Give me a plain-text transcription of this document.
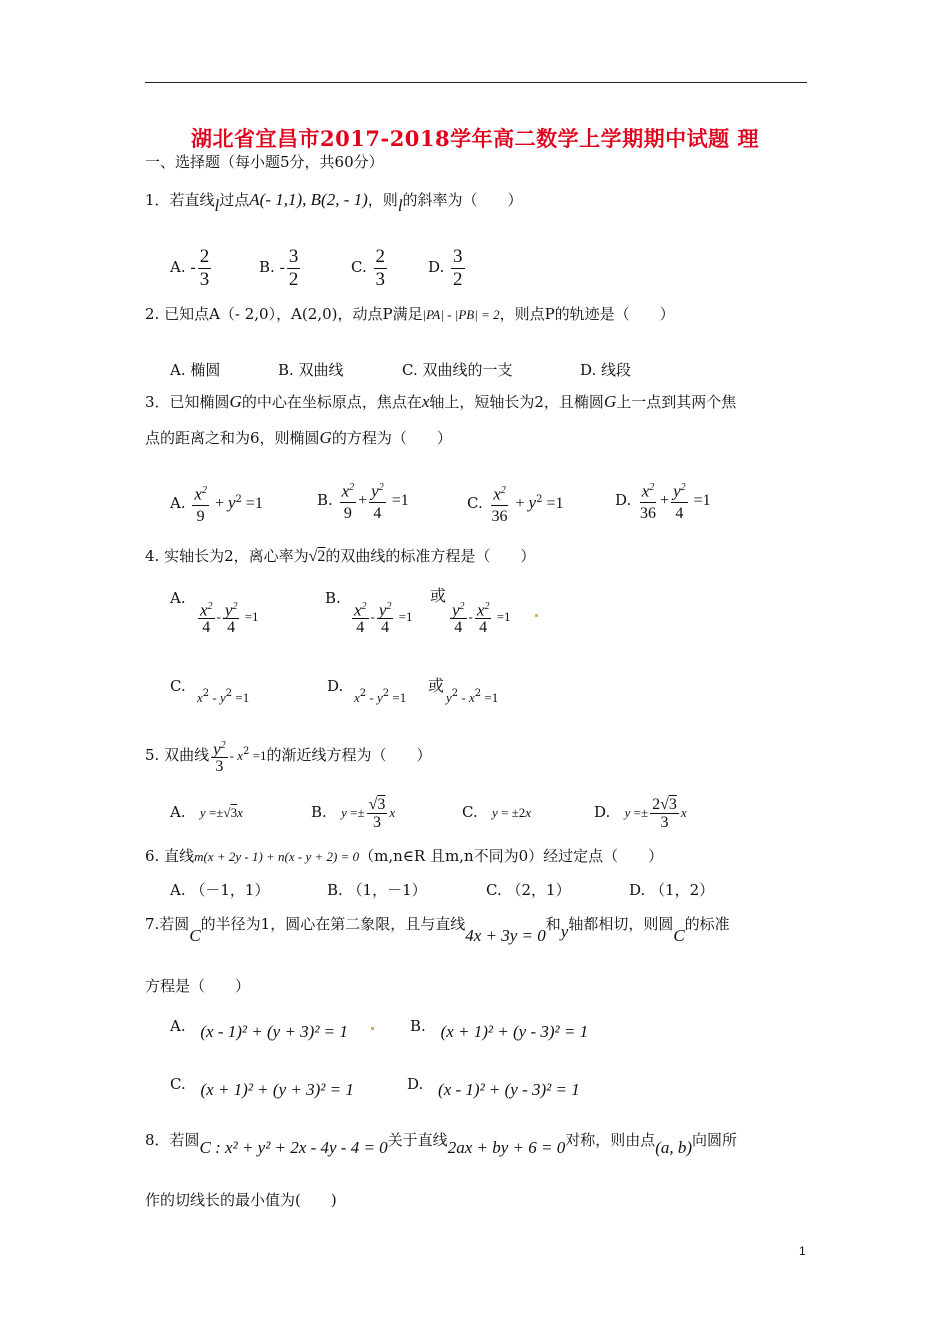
湖北省宜昌市2017-2018学年高二数学上学期期中试题 理
一、选择题（每小题5分，共60分）
1．若直线l过点A(- 1,1), B(2, - 1)，则l的斜率为（　　）
A. - $\frac{2}{3}$	B. - $\frac{3}{2}$	C. $\frac{2}{3}$	D. $\frac{3}{2}$
2. 已知点A（- 2,0），A(2,0)，动点P满足|PA| - |PB| = 2，则点P的轨迹是（　　）
A. 椭圆	B. 双曲线	C. 双曲线的一支	D. 线段
3．已知椭圆G的中心在坐标原点，焦点在x轴上，短轴长为2，且椭圆G上一点到其两个焦
点的距离之和为6，则椭圆G的方程为（　　）
A. $\frac{x^2}{9} + y^2 =1$	B. $\frac{x^2}{9} + \frac{y^2}{4} =1$	C. $\frac{x^2}{36} + y^2 =1$	D. $\frac{x^2}{36} + \frac{y^2}{4} =1$
4. 实轴长为2，离心率为√2的双曲线的标准方程是（　　）
A. $\frac{x^2}{4} - \frac{y^2}{4} =1$
B. $\frac{x^2}{4} - \frac{y^2}{4} =1$
或
$\frac{y^2}{4} - \frac{x^2}{4} =1$
C.
$x^2 - y^2 =1$
D.
$x^2 - y^2 =1$
或
$y^2 - x^2 =1$
5. 双曲线 $\frac{y^2}{3} - x^2 =1$的渐近线方程为（　　）
A. y =±√3x	B. $y =\pm \frac{√3}{3}$ x	C. y = ±2x	D. $y =\pm \frac{2√3}{3}$ x
6. 直线m(x + 2y - 1) + n(x - y + 2) = 0（m,n∈R 且m,n不同为0）经过定点（　　）
A. （－1，1）	B. （1，－1）	C. （2，1）	D. （1，2）
7.若圆C的半径为1，圆心在第二象限，且与直线4x + 3y = 0和y轴都相切，则圆C的标准
方程是（　　）
A. (x - 1)² + (y + 3)² = 1	B. (x + 1)² + (y - 3)² = 1
C. (x + 1)² + (y + 3)² = 1	D. (x - 1)² + (y - 3)² = 1
8．若圆C : x² + y² + 2x - 4y - 4 = 0关于直线2ax + by + 6 = 0对称，则由点(a, b)向圆所
作的切线长的最小值为(　　)
1
